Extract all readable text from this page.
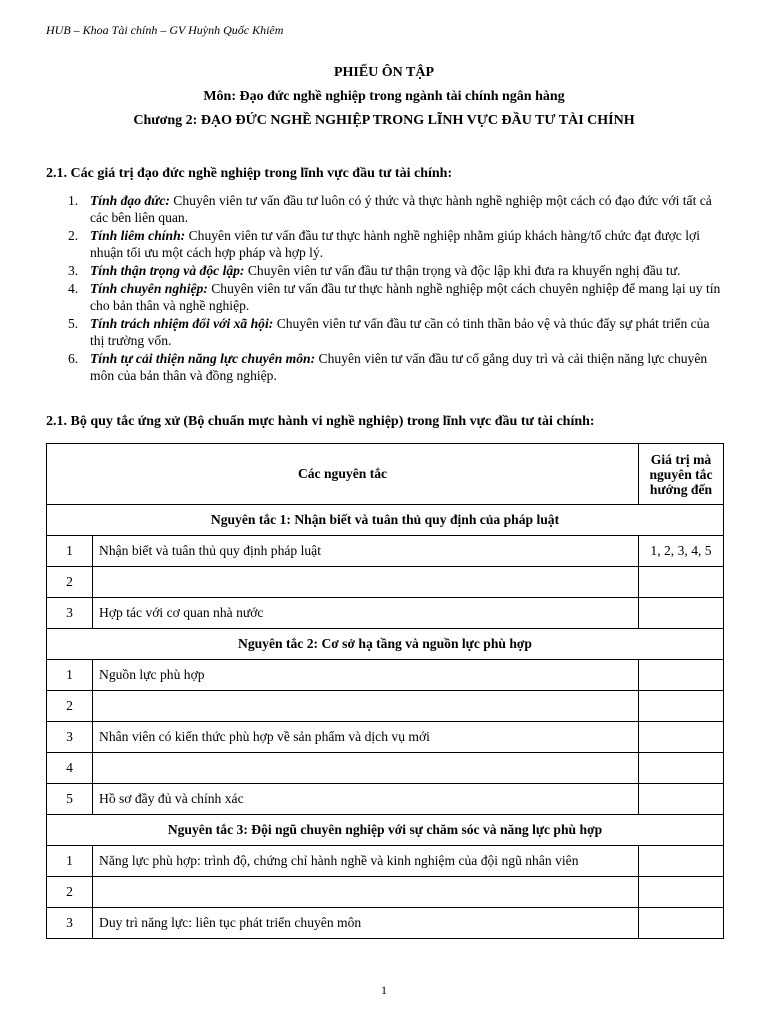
HUB – Khoa Tài chính – GV Huỳnh Quốc Khiêm
PHIẾU ÔN TẬP
Môn: Đạo đức nghề nghiệp trong ngành tài chính ngân hàng
Chương 2: ĐẠO ĐỨC NGHỀ NGHIỆP TRONG LĨNH VỰC ĐẦU TƯ TÀI CHÍNH
2.1. Các giá trị đạo đức nghề nghiệp trong lĩnh vực đầu tư tài chính:
1. Tính đạo đức: Chuyên viên tư vấn đầu tư luôn có ý thức và thực hành nghề nghiệp một cách có đạo đức với tất cả các bên liên quan.
2. Tính liêm chính: Chuyên viên tư vấn đầu tư thực hành nghề nghiệp nhằm giúp khách hàng/tổ chức đạt được lợi nhuận tối ưu một cách hợp pháp và hợp lý.
3. Tính thận trọng và độc lập: Chuyên viên tư vấn đầu tư thận trọng và độc lập khi đưa ra khuyến nghị đầu tư.
4. Tính chuyên nghiệp: Chuyên viên tư vấn đầu tư thực hành nghề nghiệp một cách chuyên nghiệp để mang lại uy tín cho bản thân và nghề nghiệp.
5. Tính trách nhiệm đối với xã hội: Chuyên viên tư vấn đầu tư cần có tinh thần bảo vệ và thúc đẩy sự phát triển của thị trường vốn.
6. Tính tự cải thiện năng lực chuyên môn: Chuyên viên tư vấn đầu tư cố gắng duy trì và cải thiện năng lực chuyên môn của bản thân và đồng nghiệp.
2.1. Bộ quy tắc ứng xử (Bộ chuẩn mực hành vi nghề nghiệp) trong lĩnh vực đầu tư tài chính:
Các nguyên tắc		Giá trị mà nguyên tắc hướng đến
Nguyên tắc 1: Nhận biết và tuân thủ quy định của pháp luật		
1	Nhận biết và tuân thủ quy định pháp luật	1, 2, 3, 4, 5
2		
3	Hợp tác với cơ quan nhà nước	
Nguyên tắc 2: Cơ sở hạ tầng và nguồn lực phù hợp		
1	Nguồn lực phù hợp	
2		
3	Nhân viên có kiến thức phù hợp về sản phẩm và dịch vụ mới	
4		
5	Hồ sơ đầy đủ và chính xác	
Nguyên tắc 3: Đội ngũ chuyên nghiệp với sự chăm sóc và năng lực phù hợp		
1	Năng lực phù hợp: trình độ, chứng chỉ hành nghề và kinh nghiệm của đội ngũ nhân viên	
2		
3	Duy trì năng lực: liên tục phát triển chuyên môn	
1
